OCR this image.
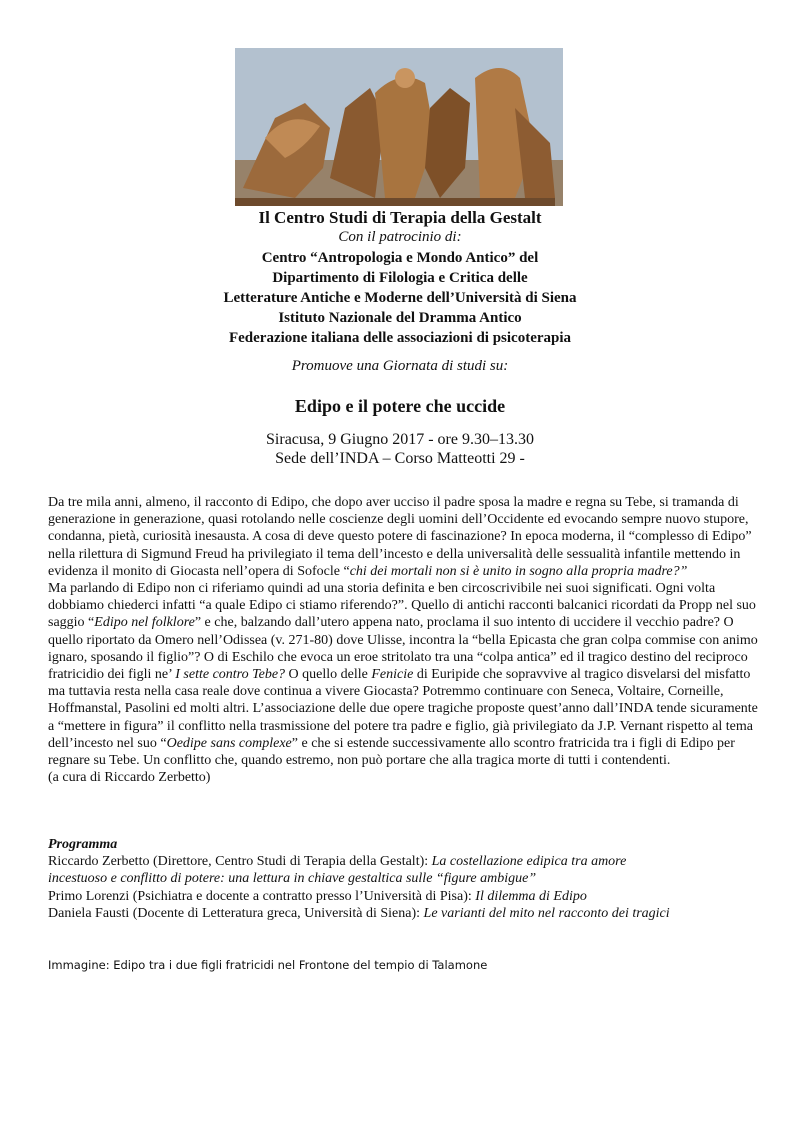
Il Centro Studi di Terapia della Gestalt
Con il patrocinio di:
Centro “Antropologia e Mondo Antico” del
Dipartimento di Filologia e Critica delle
Letterature Antiche e Moderne dell’Università di Siena
Istituto Nazionale del Dramma Antico
Federazione italiana delle associazioni di psicoterapia
Promuove una Giornata di studi su:
Edipo e il potere che uccide
Siracusa, 9 Giugno 2017 - ore 9.30–13.30
Sede dell’INDA – Corso Matteotti 29 -

Da tre mila anni, almeno, il racconto di Edipo, che dopo aver ucciso il padre sposa la madre e regna su Tebe, si tramanda di generazione in generazione, quasi rotolando nelle coscienze degli uomini dell’Occidente ed evocando sempre nuovo stupore, condanna, pietà, curiosità inesausta. A cosa di deve questo potere di fascinazione? In epoca moderna, il “complesso di Edipo” nella rilettura di Sigmund Freud ha privilegiato il tema dell’incesto e della universalità delle sessualità infantile mettendo in evidenza il monito di Giocasta nell’opera di Sofocle “chi dei mortali non si è unito in sogno alla propria madre?”

Ma parlando di Edipo non ci riferiamo quindi ad una storia definita e ben circoscrivibile nei suoi significati. Ogni volta dobbiamo chiederci infatti “a quale Edipo ci stiamo riferendo?”. Quello di antichi racconti balcanici ricordati da Propp nel suo saggio “Edipo nel folklore” e che, balzando dall’utero appena nato, proclama il suo intento di uccidere il vecchio padre? O quello riportato da Omero nell’Odissea (v. 271-80) dove Ulisse, incontra la “bella Epicasta che gran colpa commise con animo ignaro, sposando il figlio”? O di Eschilo che evoca un eroe stritolato tra una “colpa antica” ed il tragico destino del reciproco fratricidio dei figli ne’ I sette contro Tebe? O quello delle Fenicie di Euripide che sopravvive al tragico disvelarsi del misfatto ma tuttavia resta nella casa reale dove continua a vivere Giocasta? Potremmo continuare con Seneca, Voltaire, Corneille, Hoffmanstal, Pasolini ed molti altri. L’associazione delle due opere tragiche proposte quest’anno dall’INDA tende sicuramente a “mettere in figura” il conflitto nella trasmissione del potere tra padre e figlio, già privilegiato da J.P. Vernant rispetto al tema dell’incesto nel suo “Oedipe sans complexe” e che si estende successivamente allo scontro fratricida tra i figli di Edipo per regnare su Tebe. Un conflitto che, quando estremo, non può portare che alla tragica morte di tutti i contendenti.

(a cura di Riccardo Zerbetto)

Programma
Riccardo Zerbetto (Direttore, Centro Studi di Terapia della Gestalt): La costellazione edipica tra amore
incestuoso e conflitto di potere: una lettura in chiave gestaltica sulle “figure ambigue”
Primo Lorenzi (Psichiatra e docente a contratto presso l’Università di Pisa): Il dilemma di Edipo
Daniela Fausti (Docente di Letteratura greca, Università di Siena): Le varianti del mito nel racconto dei tragici
Immagine: Edipo tra i due figli fratricidi nel Frontone del tempio di Talamone
